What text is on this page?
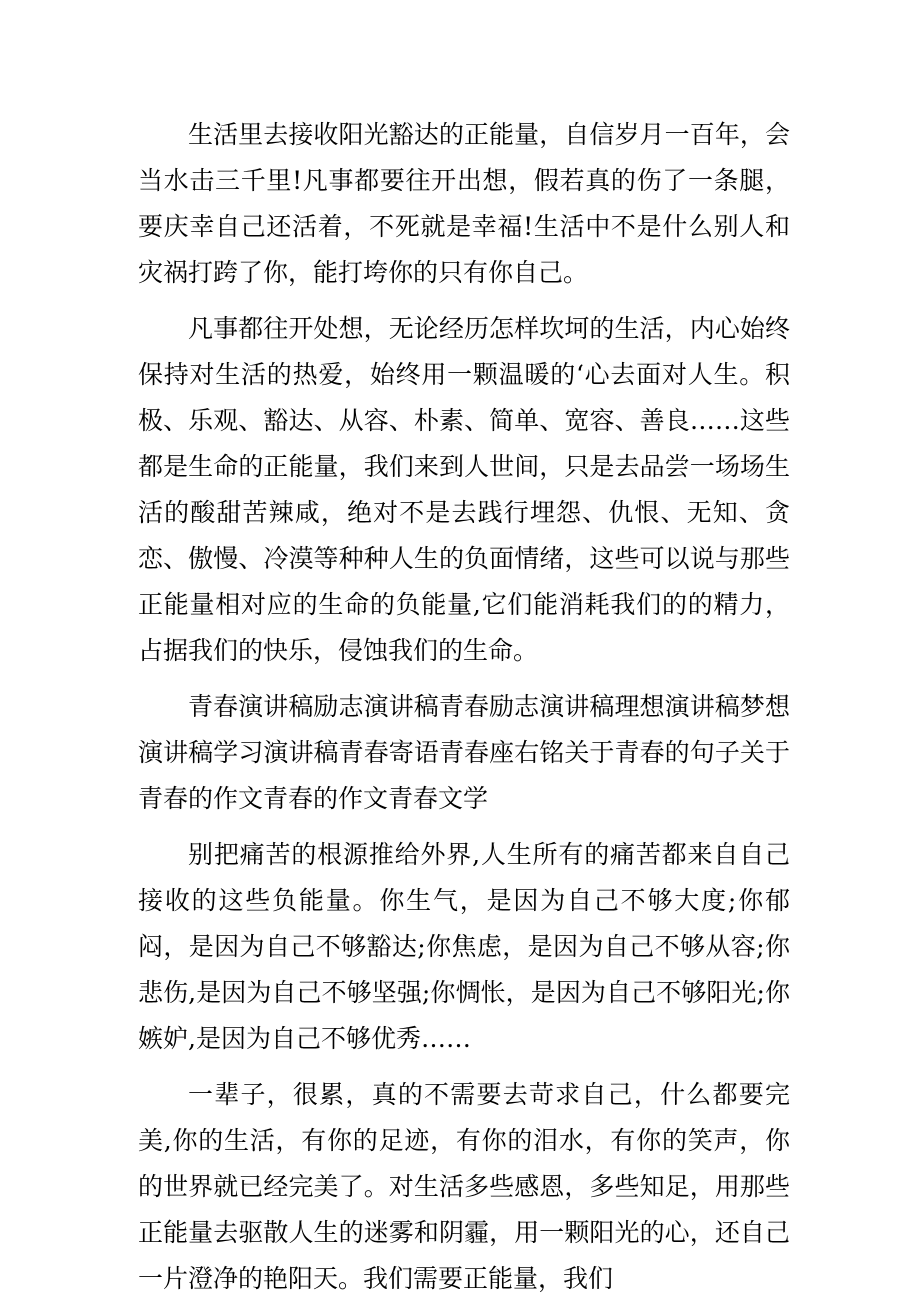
生活里去接收阳光豁达的正能量，自信岁月一百年，会当水击三千里!凡事都要往开出想，假若真的伤了一条腿，要庆幸自己还活着，不死就是幸福!生活中不是什么别人和灾祸打跨了你，能打垮你的只有你自己。

凡事都往开处想，无论经历怎样坎坷的生活，内心始终保持对生活的热爱，始终用一颗温暖的‘心去面对人生。积极、乐观、豁达、从容、朴素、简单、宽容、善良……这些都是生命的正能量，我们来到人世间，只是去品尝一场场生活的酸甜苦辣咸，绝对不是去践行埋怨、仇恨、无知、贪恋、傲慢、冷漠等种种人生的负面情绪，这些可以说与那些正能量相对应的生命的负能量,它们能消耗我们的的精力，占据我们的快乐，侵蚀我们的生命。

青春演讲稿励志演讲稿青春励志演讲稿理想演讲稿梦想演讲稿学习演讲稿青春寄语青春座右铭关于青春的句子关于青春的作文青春的作文青春文学

别把痛苦的根源推给外界,人生所有的痛苦都来自自己接收的这些负能量。你生气，是因为自己不够大度;你郁闷，是因为自己不够豁达;你焦虑，是因为自己不够从容;你悲伤,是因为自己不够坚强;你惆怅，是因为自己不够阳光;你嫉妒,是因为自己不够优秀……

一辈子，很累，真的不需要去苛求自己，什么都要完美,你的生活，有你的足迹，有你的泪水，有你的笑声，你的世界就已经完美了。对生活多些感恩，多些知足，用那些正能量去驱散人生的迷雾和阴霾，用一颗阳光的心，还自己一片澄净的艳阳天。我们需要正能量，我们
